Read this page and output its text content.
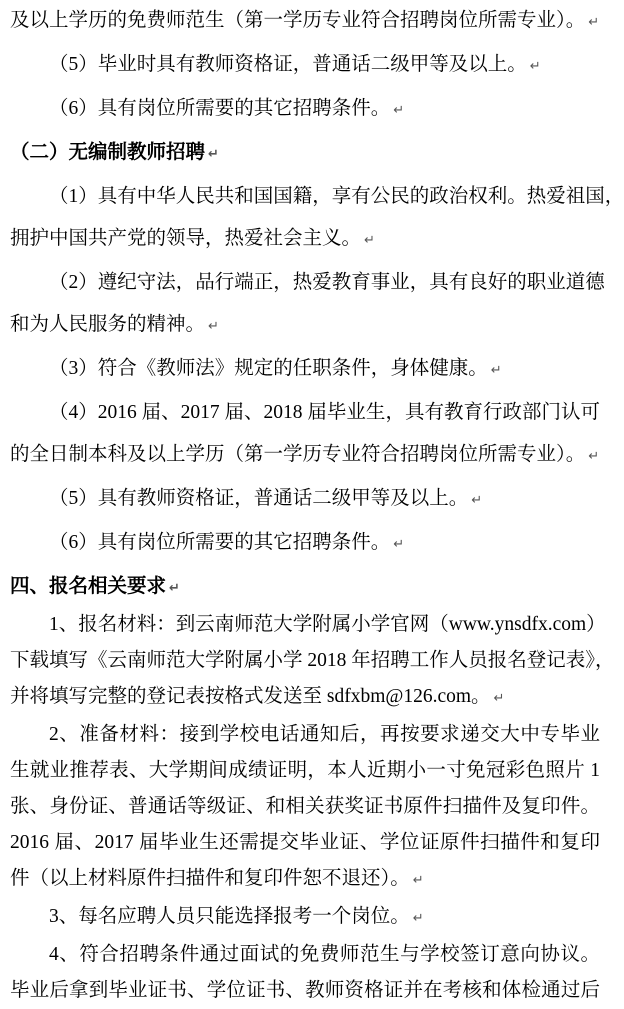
及以上学历的免费师范生（第一学历专业符合招聘岗位所需专业）。 ↵
（5）毕业时具有教师资格证，普通话二级甲等及以上。 ↵
（6）具有岗位所需要的其它招聘条件。 ↵
（二）无编制教师招聘 ↵
（1）具有中华人民共和国国籍，享有公民的政治权利。热爱祖国，
拥护中国共产党的领导，热爱社会主义。 ↵
（2）遵纪守法，品行端正，热爱教育事业，具有良好的职业道德
和为人民服务的精神。 ↵
（3）符合《教师法》规定的任职条件，身体健康。 ↵
（4）2016 届、2017 届、2018 届毕业生，具有教育行政部门认可
的全日制本科及以上学历（第一学历专业符合招聘岗位所需专业）。 ↵
（5）具有教师资格证，普通话二级甲等及以上。 ↵
（6）具有岗位所需要的其它招聘条件。 ↵
四、报名相关要求 ↵
1、报名材料：到云南师范大学附属小学官网（www.ynsdfx.com）
下载填写《云南师范大学附属小学 2018 年招聘工作人员报名登记表》，
并将填写完整的登记表按格式发送至 sdfxbm@126.com。 ↵
2、准备材料：接到学校电话通知后，再按要求递交大中专毕业
生就业推荐表、大学期间成绩证明，本人近期小一寸免冠彩色照片 1
张、身份证、普通话等级证、和相关获奖证书原件扫描件及复印件。
2016 届、2017 届毕业生还需提交毕业证、学位证原件扫描件和复印
件（以上材料原件扫描件和复印件恕不退还）。 ↵
3、每名应聘人员只能选择报考一个岗位。 ↵
4、符合招聘条件通过面试的免费师范生与学校签订意向协议。
毕业后拿到毕业证书、学位证书、教师资格证并在考核和体检通过后
